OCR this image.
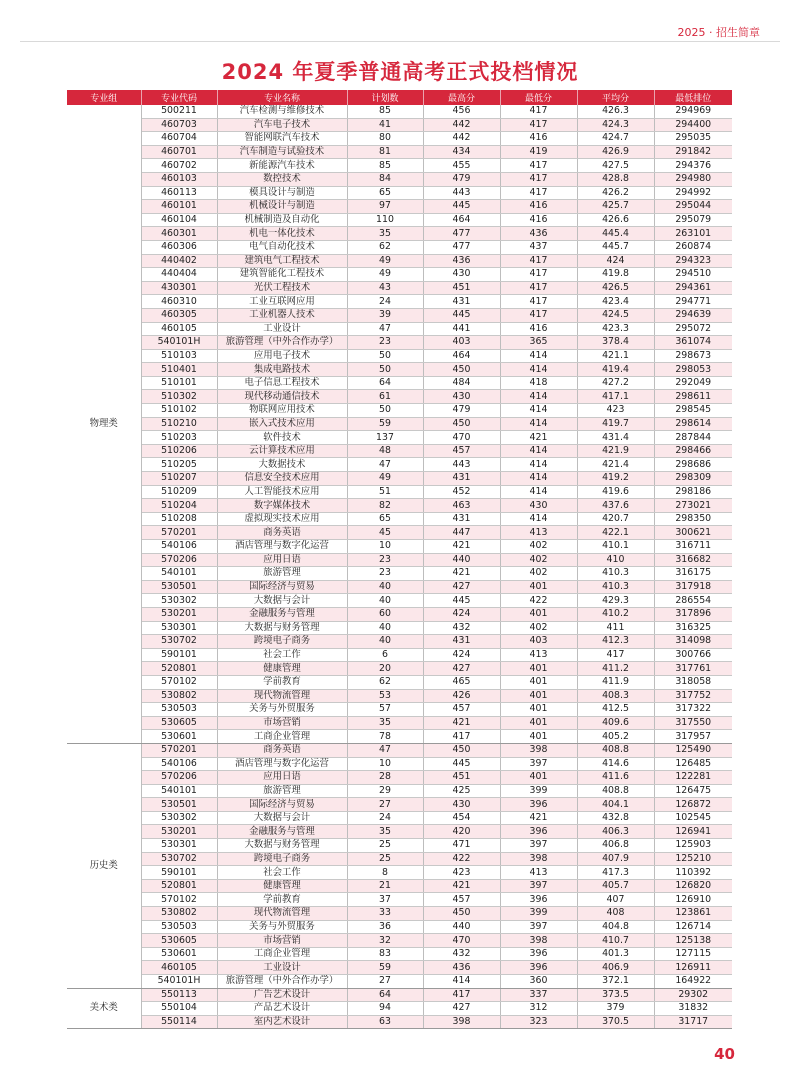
2025 · 招生简章
2024 年夏季普通高考正式投档情况
专业组	专业代码	专业名称	计划数	最高分	最低分	平均分	最低排位
物理类	500211	汽车检测与维修技术	85	456	417	426.3	294969
	460703	汽车电子技术	41	442	417	424.3	294400
	460704	智能网联汽车技术	80	442	416	424.7	295035
	460701	汽车制造与试验技术	81	434	419	426.9	291842
	460702	新能源汽车技术	85	455	417	427.5	294376
	460103	数控技术	84	479	417	428.8	294980
	460113	模具设计与制造	65	443	417	426.2	294992
	460101	机械设计与制造	97	445	416	425.7	295044
	460104	机械制造及自动化	110	464	416	426.6	295079
	460301	机电一体化技术	35	477	436	445.4	263101
	460306	电气自动化技术	62	477	437	445.7	260874
	440402	建筑电气工程技术	49	436	417	424	294323
	440404	建筑智能化工程技术	49	430	417	419.8	294510
	430301	光伏工程技术	43	451	417	426.5	294361
	460310	工业互联网应用	24	431	417	423.4	294771
	460305	工业机器人技术	39	445	417	424.5	294639
	460105	工业设计	47	441	416	423.3	295072
	540101H	旅游管理（中外合作办学）	23	403	365	378.4	361074
	510103	应用电子技术	50	464	414	421.1	298673
	510401	集成电路技术	50	450	414	419.4	298053
	510101	电子信息工程技术	64	484	418	427.2	292049
	510302	现代移动通信技术	61	430	414	417.1	298611
	510102	物联网应用技术	50	479	414	423	298545
	510210	嵌入式技术应用	59	450	414	419.7	298614
	510203	软件技术	137	470	421	431.4	287844
	510206	云计算技术应用	48	457	414	421.9	298466
	510205	大数据技术	47	443	414	421.4	298686
	510207	信息安全技术应用	49	431	414	419.2	298309
	510209	人工智能技术应用	51	452	414	419.6	298186
	510204	数字媒体技术	82	463	430	437.6	273021
	510208	虚拟现实技术应用	65	431	414	420.7	298350
	570201	商务英语	45	447	413	422.1	300621
	540106	酒店管理与数字化运营	10	421	402	410.1	316711
	570206	应用日语	23	440	402	410	316682
	540101	旅游管理	23	421	402	410.3	316175
	530501	国际经济与贸易	40	427	401	410.3	317918
	530302	大数据与会计	40	445	422	429.3	286554
	530201	金融服务与管理	60	424	401	410.2	317896
	530301	大数据与财务管理	40	432	402	411	316325
	530702	跨境电子商务	40	431	403	412.3	314098
	590101	社会工作	6	424	413	417	300766
	520801	健康管理	20	427	401	411.2	317761
	570102	学前教育	62	465	401	411.9	318058
	530802	现代物流管理	53	426	401	408.3	317752
	530503	关务与外贸服务	57	457	401	412.5	317322
	530605	市场营销	35	421	401	409.6	317550
	530601	工商企业管理	78	417	401	405.2	317957
历史类	570201	商务英语	47	450	398	408.8	125490
	540106	酒店管理与数字化运营	10	445	397	414.6	126485
	570206	应用日语	28	451	401	411.6	122281
	540101	旅游管理	29	425	399	408.8	126475
	530501	国际经济与贸易	27	430	396	404.1	126872
	530302	大数据与会计	24	454	421	432.8	102545
	530201	金融服务与管理	35	420	396	406.3	126941
	530301	大数据与财务管理	25	471	397	406.8	125903
	530702	跨境电子商务	25	422	398	407.9	125210
	590101	社会工作	8	423	413	417.3	110392
	520801	健康管理	21	421	397	405.7	126820
	570102	学前教育	37	457	396	407	126910
	530802	现代物流管理	33	450	399	408	123861
	530503	关务与外贸服务	36	440	397	404.8	126714
	530605	市场营销	32	470	398	410.7	125138
	530601	工商企业管理	83	432	396	401.3	127115
	460105	工业设计	59	436	396	406.9	126911
	540101H	旅游管理（中外合作办学）	27	414	360	372.1	164922
美术类	550113	广告艺术设计	64	417	337	373.5	29302
	550104	产品艺术设计	94	427	312	379	31832
	550114	室内艺术设计	63	398	323	370.5	31717
40
